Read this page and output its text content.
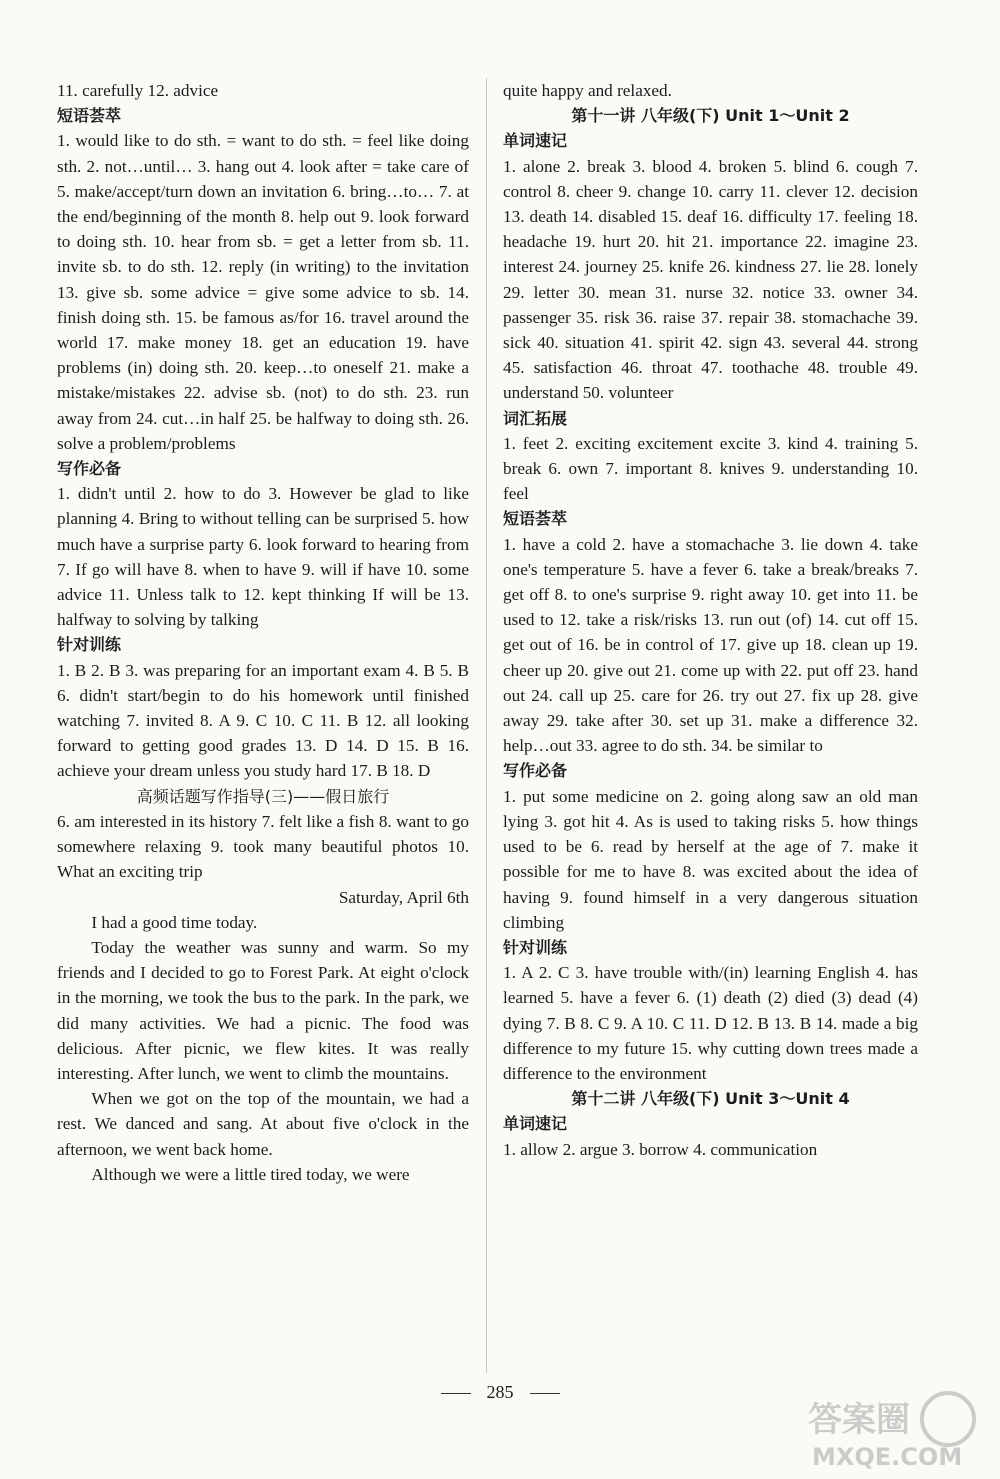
11. carefully 12. advice

短语荟萃

1. would like to do sth. = want to do sth. = feel like doing sth. 2. not…until… 3. hang out 4. look after = take care of 5. make/accept/turn down an invitation 6. bring…to… 7. at the end/beginning of the month 8. help out 9. look forward to doing sth. 10. hear from sb. = get a letter from sb. 11. invite sb. to do sth. 12. reply (in writing) to the invitation 13. give sb. some advice = give some advice to sb. 14. finish doing sth. 15. be famous as/for 16. travel around the world 17. make money 18. get an education 19. have problems (in) doing sth. 20. keep…to oneself 21. make a mistake/mistakes 22. advise sb. (not) to do sth. 23. run away from 24. cut…in half 25. be halfway to doing sth. 26. solve a problem/problems

写作必备

1. didn't until 2. how to do 3. However be glad to like planning 4. Bring to without telling can be surprised 5. how much have a surprise party 6. look forward to hearing from 7. If go will have 8. when to have 9. will if have 10. some advice 11. Unless talk to 12. kept thinking If will be 13. halfway to solving by talking

针对训练

1. B 2. B 3. was preparing for an important exam 4. B 5. B 6. didn't start/begin to do his homework until finished watching 7. invited 8. A 9. C 10. C 11. B 12. all looking forward to getting good grades 13. D 14. D 15. B 16. achieve your dream unless you study hard 17. B 18. D

高频话题写作指导(三)——假日旅行

6. am interested in its history 7. felt like a fish 8. want to go somewhere relaxing 9. took many beautiful photos 10. What an exciting trip

Saturday, April 6th

I had a good time today.

Today the weather was sunny and warm. So my friends and I decided to go to Forest Park. At eight o'clock in the morning, we took the bus to the park. In the park, we did many activities. We had a picnic. The food was delicious. After picnic, we flew kites. It was really interesting. After lunch, we went to climb the mountains.

When we got on the top of the mountain, we had a rest. We danced and sang. At about five o'clock in the afternoon, we went back home.

Although we were a little tired today, we were

quite happy and relaxed.

第十一讲 八年级(下) Unit 1～Unit 2

单词速记

1. alone 2. break 3. blood 4. broken 5. blind 6. cough 7. control 8. cheer 9. change 10. carry 11. clever 12. decision 13. death 14. disabled 15. deaf 16. difficulty 17. feeling 18. headache 19. hurt 20. hit 21. importance 22. imagine 23. interest 24. journey 25. knife 26. kindness 27. lie 28. lonely 29. letter 30. mean 31. nurse 32. notice 33. owner 34. passenger 35. risk 36. raise 37. repair 38. stomachache 39. sick 40. situation 41. spirit 42. sign 43. several 44. strong 45. satisfaction 46. throat 47. toothache 48. trouble 49. understand 50. volunteer

词汇拓展

1. feet 2. exciting excitement excite 3. kind 4. training 5. break 6. own 7. important 8. knives 9. understanding 10. feel

短语荟萃

1. have a cold 2. have a stomachache 3. lie down 4. take one's temperature 5. have a fever 6. take a break/breaks 7. get off 8. to one's surprise 9. right away 10. get into 11. be used to 12. take a risk/risks 13. run out (of) 14. cut off 15. get out of 16. be in control of 17. give up 18. clean up 19. cheer up 20. give out 21. come up with 22. put off 23. hand out 24. call up 25. care for 26. try out 27. fix up 28. give away 29. take after 30. set up 31. make a difference 32. help…out 33. agree to do sth. 34. be similar to

写作必备

1. put some medicine on 2. going along saw an old man lying 3. got hit 4. As is used to taking risks 5. how things used to be 6. read by herself at the age of 7. make it possible for me to have 8. was excited about the idea of having 9. found himself in a very dangerous situation climbing

针对训练

1. A 2. C 3. have trouble with/(in) learning English 4. has learned 5. have a fever 6. (1) death (2) died (3) dead (4) dying 7. B 8. C 9. A 10. C 11. D 12. B 13. B 14. made a big difference to my future 15. why cutting down trees made a difference to the environment

第十二讲 八年级(下) Unit 3～Unit 4

单词速记

1. allow 2. argue 3. borrow 4. communication

285
答案圈
MXQE.COM
